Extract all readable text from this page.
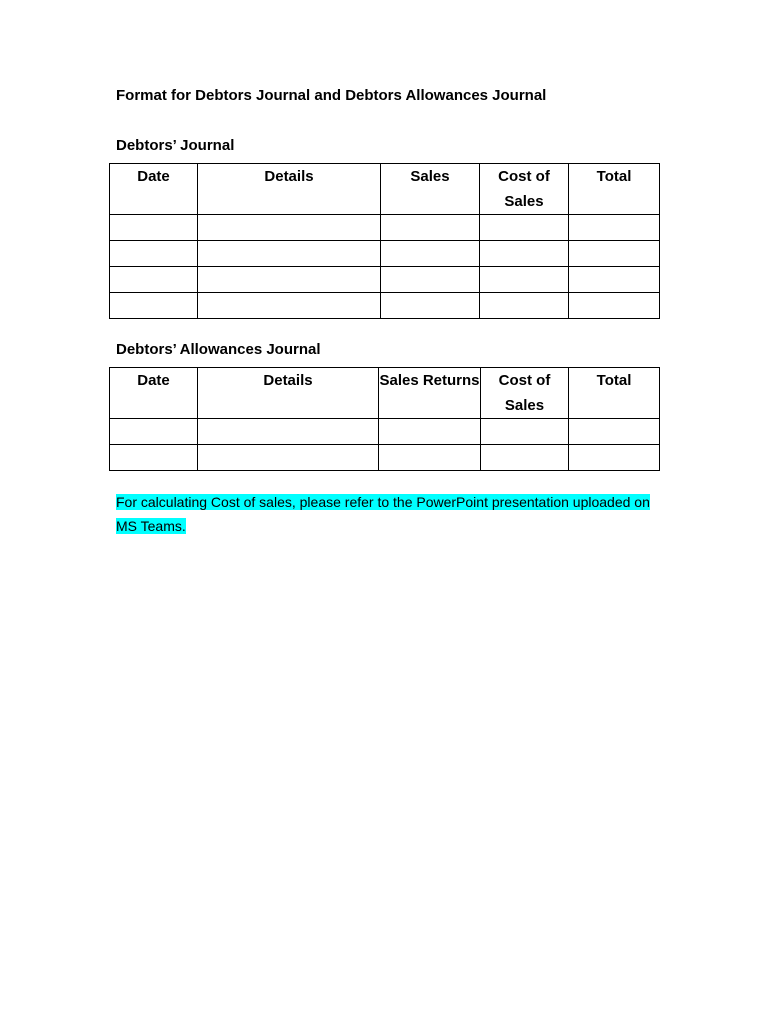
Format for Debtors Journal and Debtors Allowances Journal
Debtors’ Journal
Date	Details	Sales	Cost of Sales	Total

Debtors’ Allowances Journal
Date	Details	Sales Returns	Cost of Sales	Total

For calculating Cost of sales, please refer to the PowerPoint presentation uploaded on MS Teams.
